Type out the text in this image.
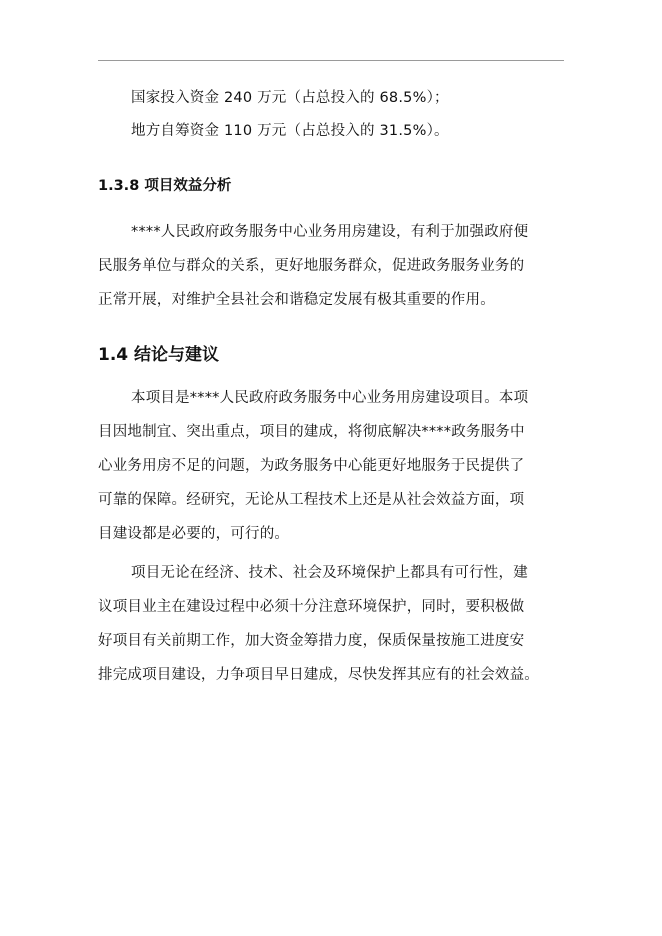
国家投入资金 240 万元（占总投入的 68.5%）；
地方自筹资金 110 万元（占总投入的 31.5%）。
1.3.8 项目效益分析
****人民政府政务服务中心业务用房建设，有利于加强政府便
民服务单位与群众的关系，更好地服务群众，促进政务服务业务的
正常开展，对维护全县社会和谐稳定发展有极其重要的作用。
1.4 结论与建议
本项目是****人民政府政务服务中心业务用房建设项目。本项
目因地制宜、突出重点，项目的建成，将彻底解决****政务服务中
心业务用房不足的问题，为政务服务中心能更好地服务于民提供了
可靠的保障。经研究，无论从工程技术上还是从社会效益方面，项
目建设都是必要的，可行的。
项目无论在经济、技术、社会及环境保护上都具有可行性，建
议项目业主在建设过程中必须十分注意环境保护，同时，要积极做
好项目有关前期工作，加大资金筹措力度，保质保量按施工进度安
排完成项目建设，力争项目早日建成，尽快发挥其应有的社会效益。
